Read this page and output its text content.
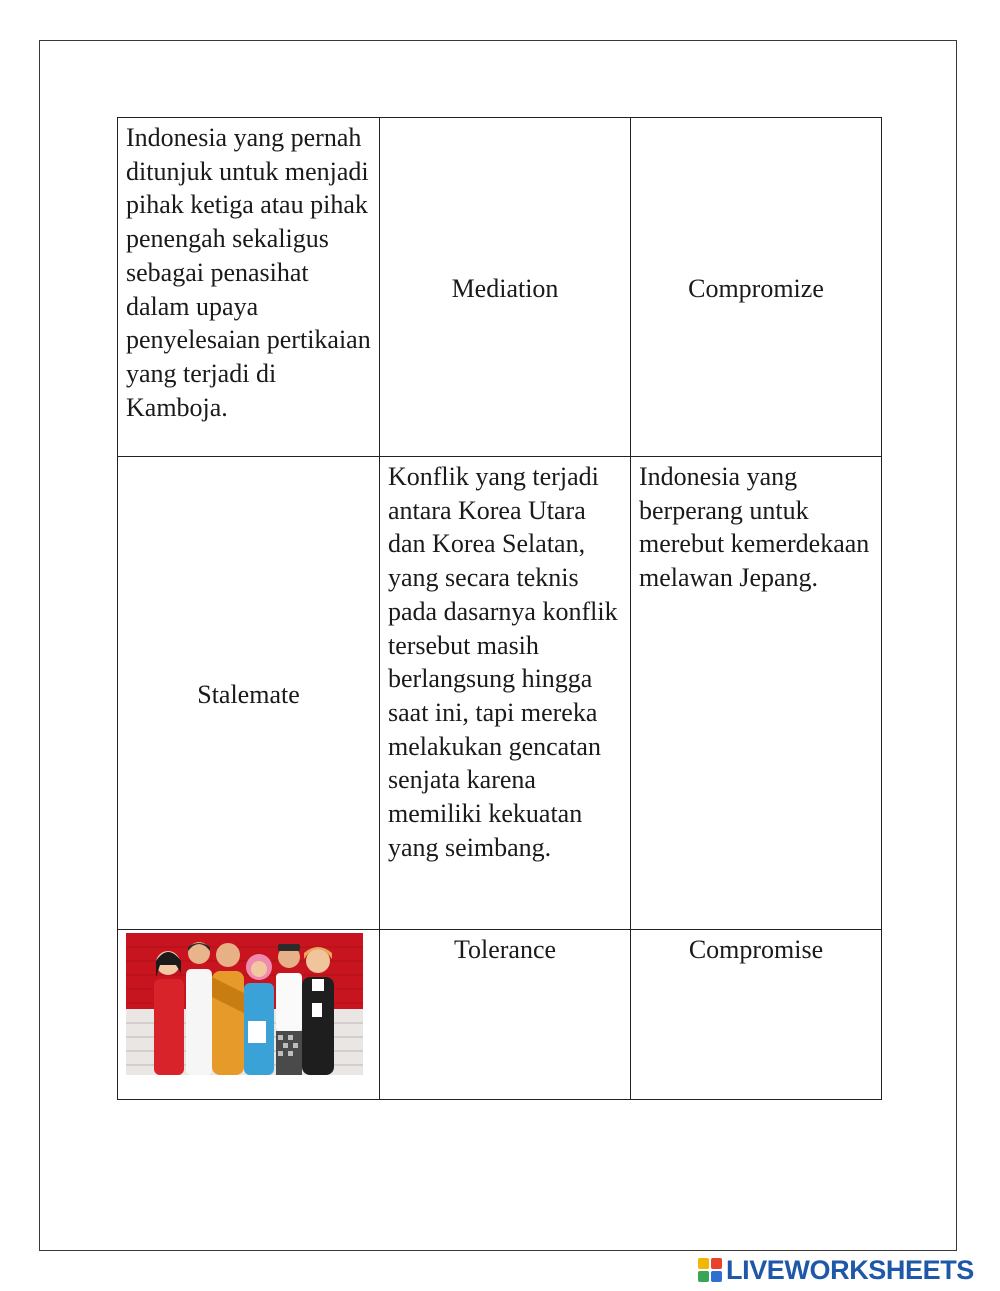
Indonesia yang pernah ditunjuk untuk menjadi pihak ketiga atau pihak penengah sekaligus sebagai penasihat dalam upaya penyelesaian pertikaian yang terjadi di Kamboja.	Mediation	Compromize
Stalemate	Konflik yang terjadi antara Korea Utara dan Korea Selatan, yang secara teknis pada dasarnya konflik tersebut masih berlangsung hingga saat ini, tapi mereka melakukan gencatan senjata karena memiliki kekuatan yang seimbang.	Indonesia yang berperang untuk merebut kemerdekaan melawan Jepang.

	Tolerance	Compromise
LIVEWORKSHEETS
